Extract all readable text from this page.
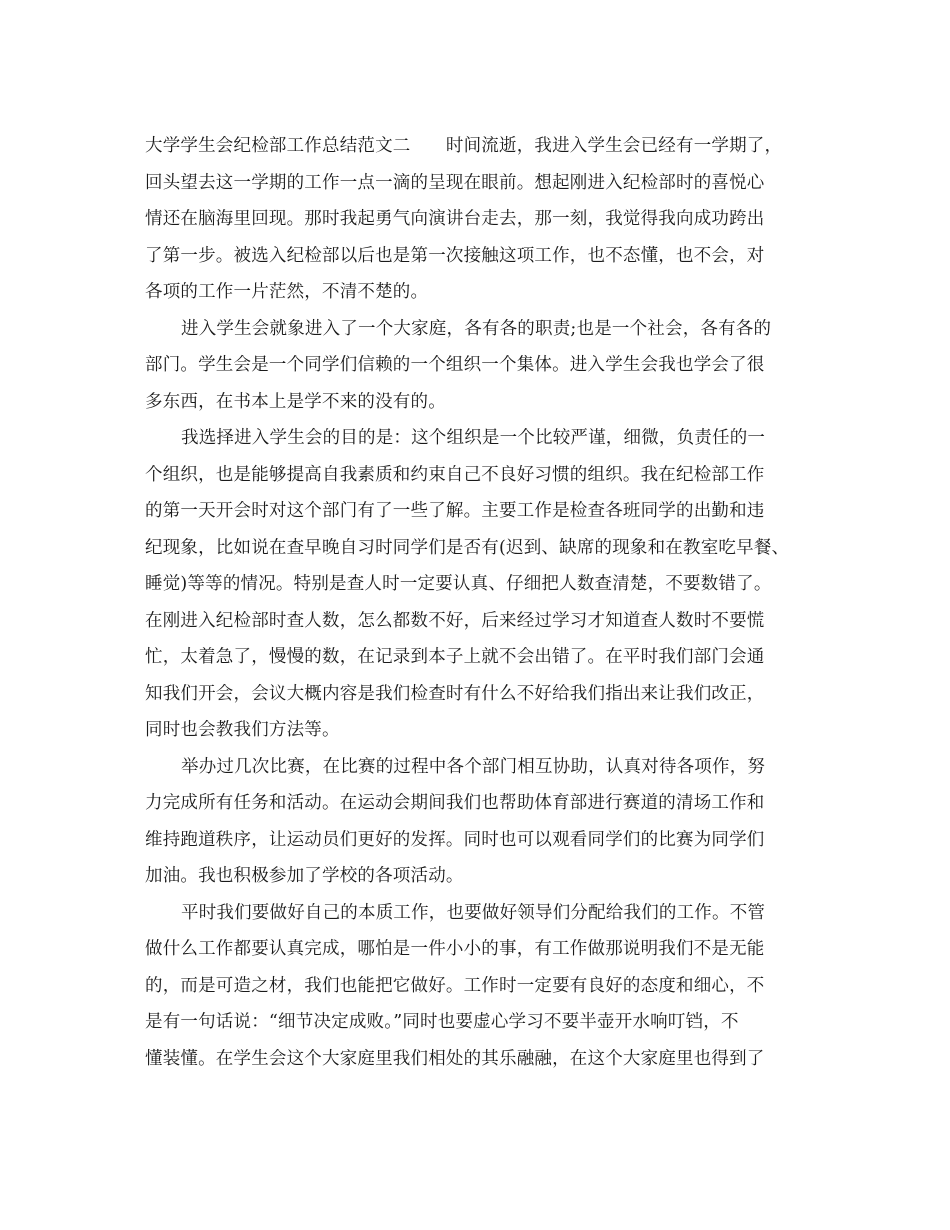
大学学生会纪检部工作总结范文二　　时间流逝，我进入学生会已经有一学期了，
回头望去这一学期的工作一点一滴的呈现在眼前。想起刚进入纪检部时的喜悦心
情还在脑海里回现。那时我起勇气向演讲台走去，那一刻，我觉得我向成功跨出
了第一步。被选入纪检部以后也是第一次接触这项工作，也不态懂，也不会，对
各项的工作一片茫然，不清不楚的。
进入学生会就象进入了一个大家庭，各有各的职责;也是一个社会，各有各的
部门。学生会是一个同学们信赖的一个组织一个集体。进入学生会我也学会了很
多东西，在书本上是学不来的没有的。
我选择进入学生会的目的是：这个组织是一个比较严谨，细微，负责任的一
个组织，也是能够提高自我素质和约束自己不良好习惯的组织。我在纪检部工作
的第一天开会时对这个部门有了一些了解。主要工作是检查各班同学的出勤和违
纪现象，比如说在查早晚自习时同学们是否有(迟到、缺席的现象和在教室吃早餐、
睡觉)等等的情况。特别是查人时一定要认真、仔细把人数查清楚，不要数错了。
在刚进入纪检部时查人数，怎么都数不好，后来经过学习才知道查人数时不要慌
忙，太着急了，慢慢的数，在记录到本子上就不会出错了。在平时我们部门会通
知我们开会，会议大概内容是我们检查时有什么不好给我们指出来让我们改正，
同时也会教我们方法等。
举办过几次比赛，在比赛的过程中各个部门相互协助，认真对待各项作，努
力完成所有任务和活动。在运动会期间我们也帮助体育部进行赛道的清场工作和
维持跑道秩序，让运动员们更好的发挥。同时也可以观看同学们的比赛为同学们
加油。我也积极参加了学校的各项活动。
平时我们要做好自己的本质工作，也要做好领导们分配给我们的工作。不管
做什么工作都要认真完成，哪怕是一件小小的事，有工作做那说明我们不是无能
的，而是可造之材，我们也能把它做好。工作时一定要有良好的态度和细心，不
是有一句话说：“细节决定成败。”同时也要虚心学习不要半壶开水响叮铛，不
懂装懂。在学生会这个大家庭里我们相处的其乐融融，在这个大家庭里也得到了
